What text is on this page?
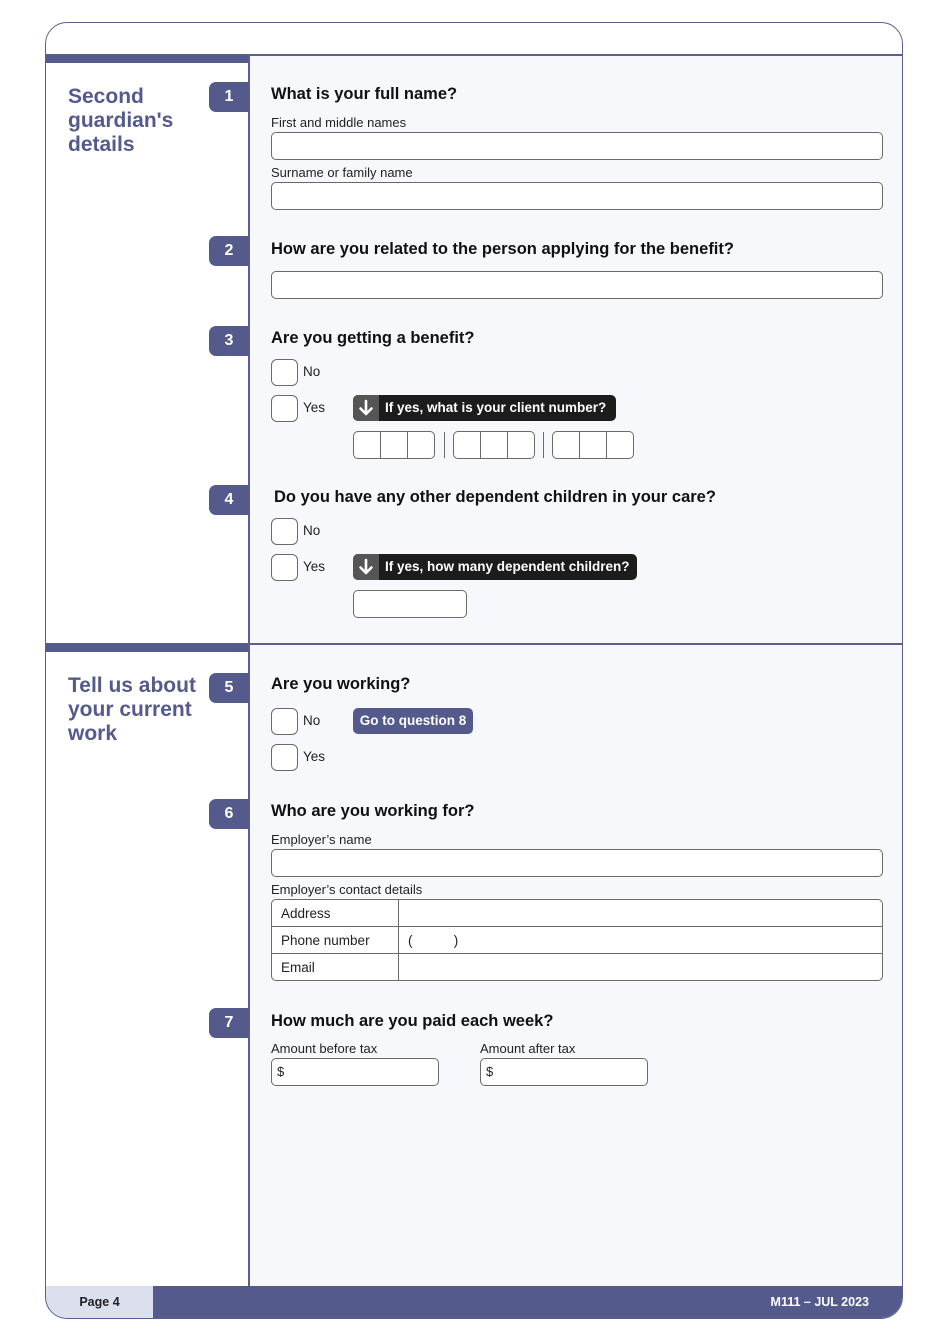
Second guardian's details
Tell us about your current work
1	What is your full name?
First and middle names
Surname or family name
2	How are you related to the person applying for the benefit?
3	Are you getting a benefit?
No
Yes	If yes, what is your client number?
4	Do you have any other dependent children in your care?
No
Yes	If yes, how many dependent children?
5	Are you working?
No	Go to question 8
Yes
6	Who are you working for?
Employer’s name
Employer’s contact details
Address	
Phone number	(           )
Email	
7	How much are you paid each week?
Amount before tax
$
Amount after tax
$
Page 4	M111 – JUL 2023
